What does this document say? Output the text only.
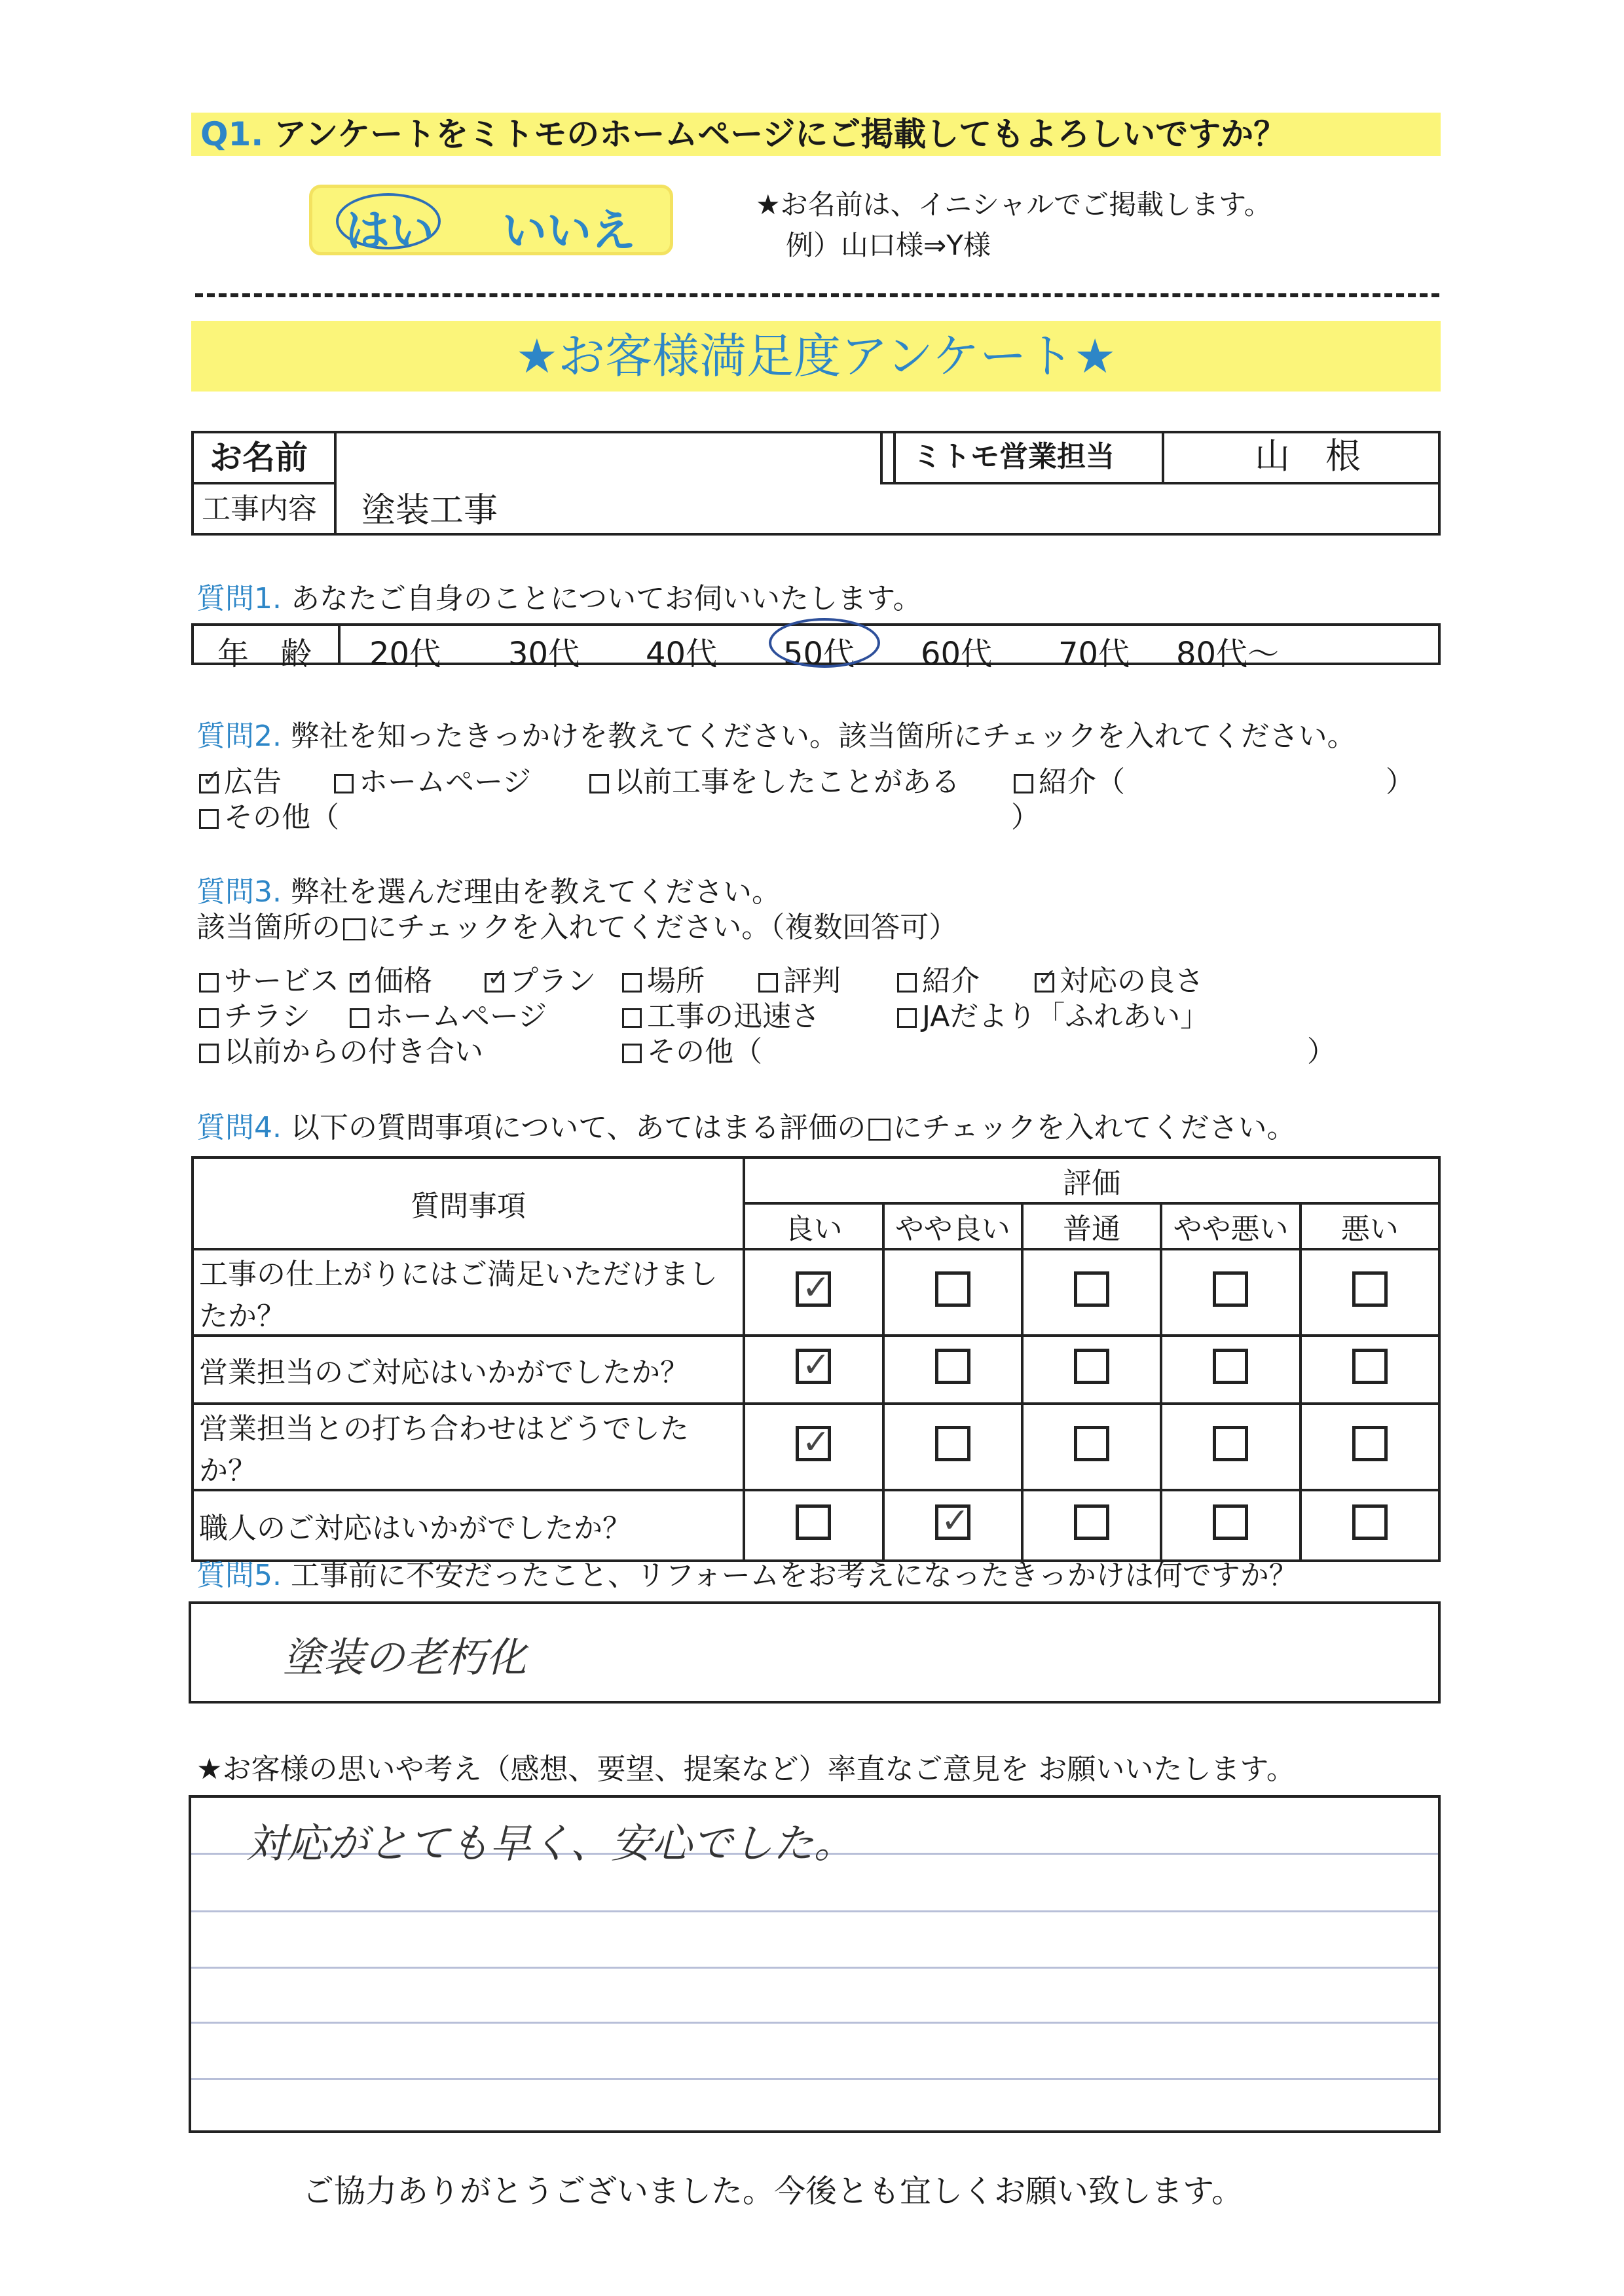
Q1. アンケートをミトモのホームページにご掲載してもよろしいですか？
はい いいえ
★お名前は、イニシャルでご掲載します。
例）山口様⇒Y様
★お客様満足度アンケート★
お名前	ミトモ営業担当	山　根
工事内容 塗装工事
質問1. あなたご自身のことについてお伺いいたします。
年　齢 20代 30代 40代 50代 60代 70代 80代～
質問2. 弊社を知ったきっかけを教えてください。該当箇所にチェックを入れてください。
✓広告	ホームページ	以前工事をしたことがある	紹介（
その他（
）
）
質問3. 弊社を選んだ理由を教えてください。
該当箇所の□にチェックを入れてください。（複数回答可）
サービス ✓	価格 ✓	プラン	場所	評判	紹介 ✓	対応の良さ
チラシ	ホームページ	工事の迅速さ	JAだより「ふれあい」
以前からの付き合い	その他（	）
質問4. 以下の質問事項について、あてはまる評価の□にチェックを入れてください。
質問事項	評価				
	良い	やや良い	普通	やや悪い	悪い
工事の仕上がりにはご満足いただけましたか？	✓				
営業担当のご対応はいかがでしたか？	✓				
営業担当との打ち合わせはどうでしたか？	✓				
職人のご対応はいかがでしたか？		✓			
質問5. 工事前に不安だったこと、リフォームをお考えになったきっかけは何ですか？
塗装の老朽化
★お客様の思いや考え（感想、要望、提案など）率直なご意見を お願いいたします。
対応がとても早く、安心でした。
ご協力ありがとうございました。今後とも宜しくお願い致します。
